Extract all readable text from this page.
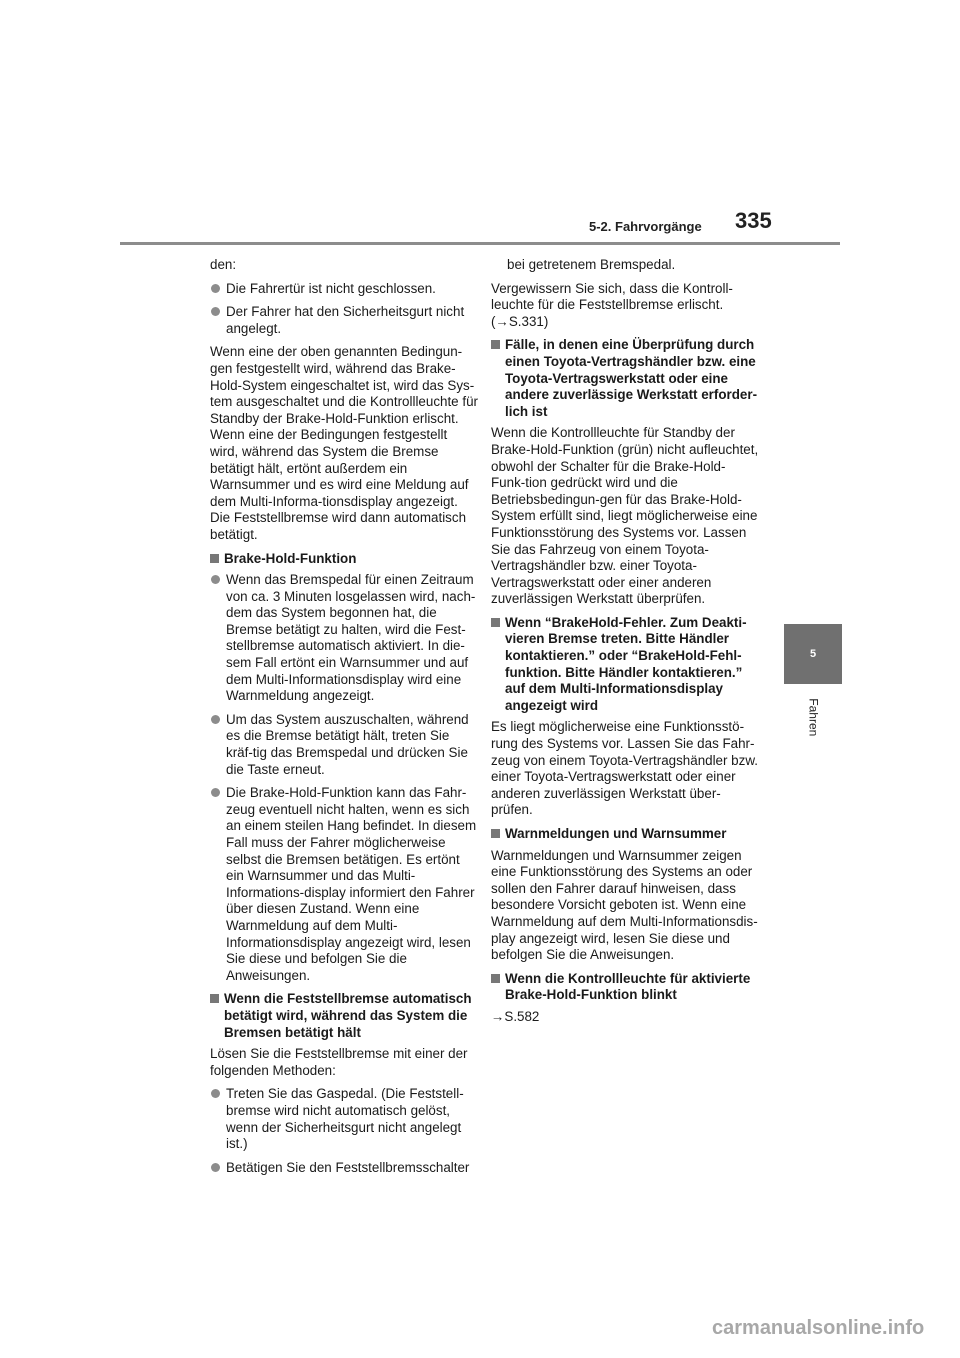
5-2. Fahrvorgänge 335
5
Fahren

den:

Die Fahrertür ist nicht geschlossen.
Der Fahrer hat den Sicherheitsgurt nicht angelegt.

Wenn eine der oben genannten Bedingun-gen festgestellt wird, während das Brake-Hold-System eingeschaltet ist, wird das Sys-tem ausgeschaltet und die Kontrollleuchte für Standby der Brake-Hold-Funktion erlischt. Wenn eine der Bedingungen festgestellt wird, während das System die Bremse betätigt hält, ertönt außerdem ein Warnsummer und es wird eine Meldung auf dem Multi-Informa-tionsdisplay angezeigt. Die Feststellbremse wird dann automatisch betätigt.

Brake-Hold-Funktion
Wenn das Bremspedal für einen Zeitraum von ca. 3 Minuten losgelassen wird, nach-dem das System begonnen hat, die Bremse betätigt zu halten, wird die Fest-stellbremse automatisch aktiviert. In die-sem Fall ertönt ein Warnsummer und auf dem Multi-Informationsdisplay wird eine Warnmeldung angezeigt.
Um das System auszuschalten, während es die Bremse betätigt hält, treten Sie kräf-tig das Bremspedal und drücken Sie die Taste erneut.
Die Brake-Hold-Funktion kann das Fahr-zeug eventuell nicht halten, wenn es sich an einem steilen Hang befindet. In diesem Fall muss der Fahrer möglicherweise selbst die Bremsen betätigen. Es ertönt ein Warnsummer und das Multi-Informations-display informiert den Fahrer über diesen Zustand. Wenn eine Warnmeldung auf dem Multi-Informationsdisplay angezeigt wird, lesen Sie diese und befolgen Sie die Anweisungen.
Wenn die Feststellbremse automatisch betätigt wird, während das System die Bremsen betätigt hält

Lösen Sie die Feststellbremse mit einer der folgenden Methoden:

Treten Sie das Gaspedal. (Die Feststell-bremse wird nicht automatisch gelöst, wenn der Sicherheitsgurt nicht angelegt ist.)
Betätigen Sie den Feststellbremsschalter

bei getretenem Bremspedal.

Vergewissern Sie sich, dass die Kontroll-leuchte für die Feststellbremse erlischt. (→S.331)

Fälle, in denen eine Überprüfung durch einen Toyota-Vertragshändler bzw. eine Toyota-Vertragswerkstatt oder eine andere zuverlässige Werkstatt erforder-lich ist

Wenn die Kontrollleuchte für Standby der Brake-Hold-Funktion (grün) nicht aufleuchtet, obwohl der Schalter für die Brake-Hold-Funk-tion gedrückt wird und die Betriebsbedingun-gen für das Brake-Hold-System erfüllt sind, liegt möglicherweise eine Funktionsstörung des Systems vor. Lassen Sie das Fahrzeug von einem Toyota-Vertragshändler bzw. einer Toyota-Vertragswerkstatt oder einer anderen zuverlässigen Werkstatt überprüfen.

Wenn “BrakeHold-Fehler. Zum Deakti-vieren Bremse treten. Bitte Händler kontaktieren.” oder “BrakeHold-Fehl-funktion. Bitte Händler kontaktieren.” auf dem Multi-Informationsdisplay angezeigt wird

Es liegt möglicherweise eine Funktionsstö-rung des Systems vor. Lassen Sie das Fahr-zeug von einem Toyota-Vertragshändler bzw. einer Toyota-Vertragswerkstatt oder einer anderen zuverlässigen Werkstatt über-prüfen.

Warnmeldungen und Warnsummer

Warnmeldungen und Warnsummer zeigen eine Funktionsstörung des Systems an oder sollen den Fahrer darauf hinweisen, dass besondere Vorsicht geboten ist. Wenn eine Warnmeldung auf dem Multi-Informationsdis-play angezeigt wird, lesen Sie diese und befolgen Sie die Anweisungen.

Wenn die Kontrollleuchte für aktivierte Brake-Hold-Funktion blinkt

→S.582

carmanualsonline.info
